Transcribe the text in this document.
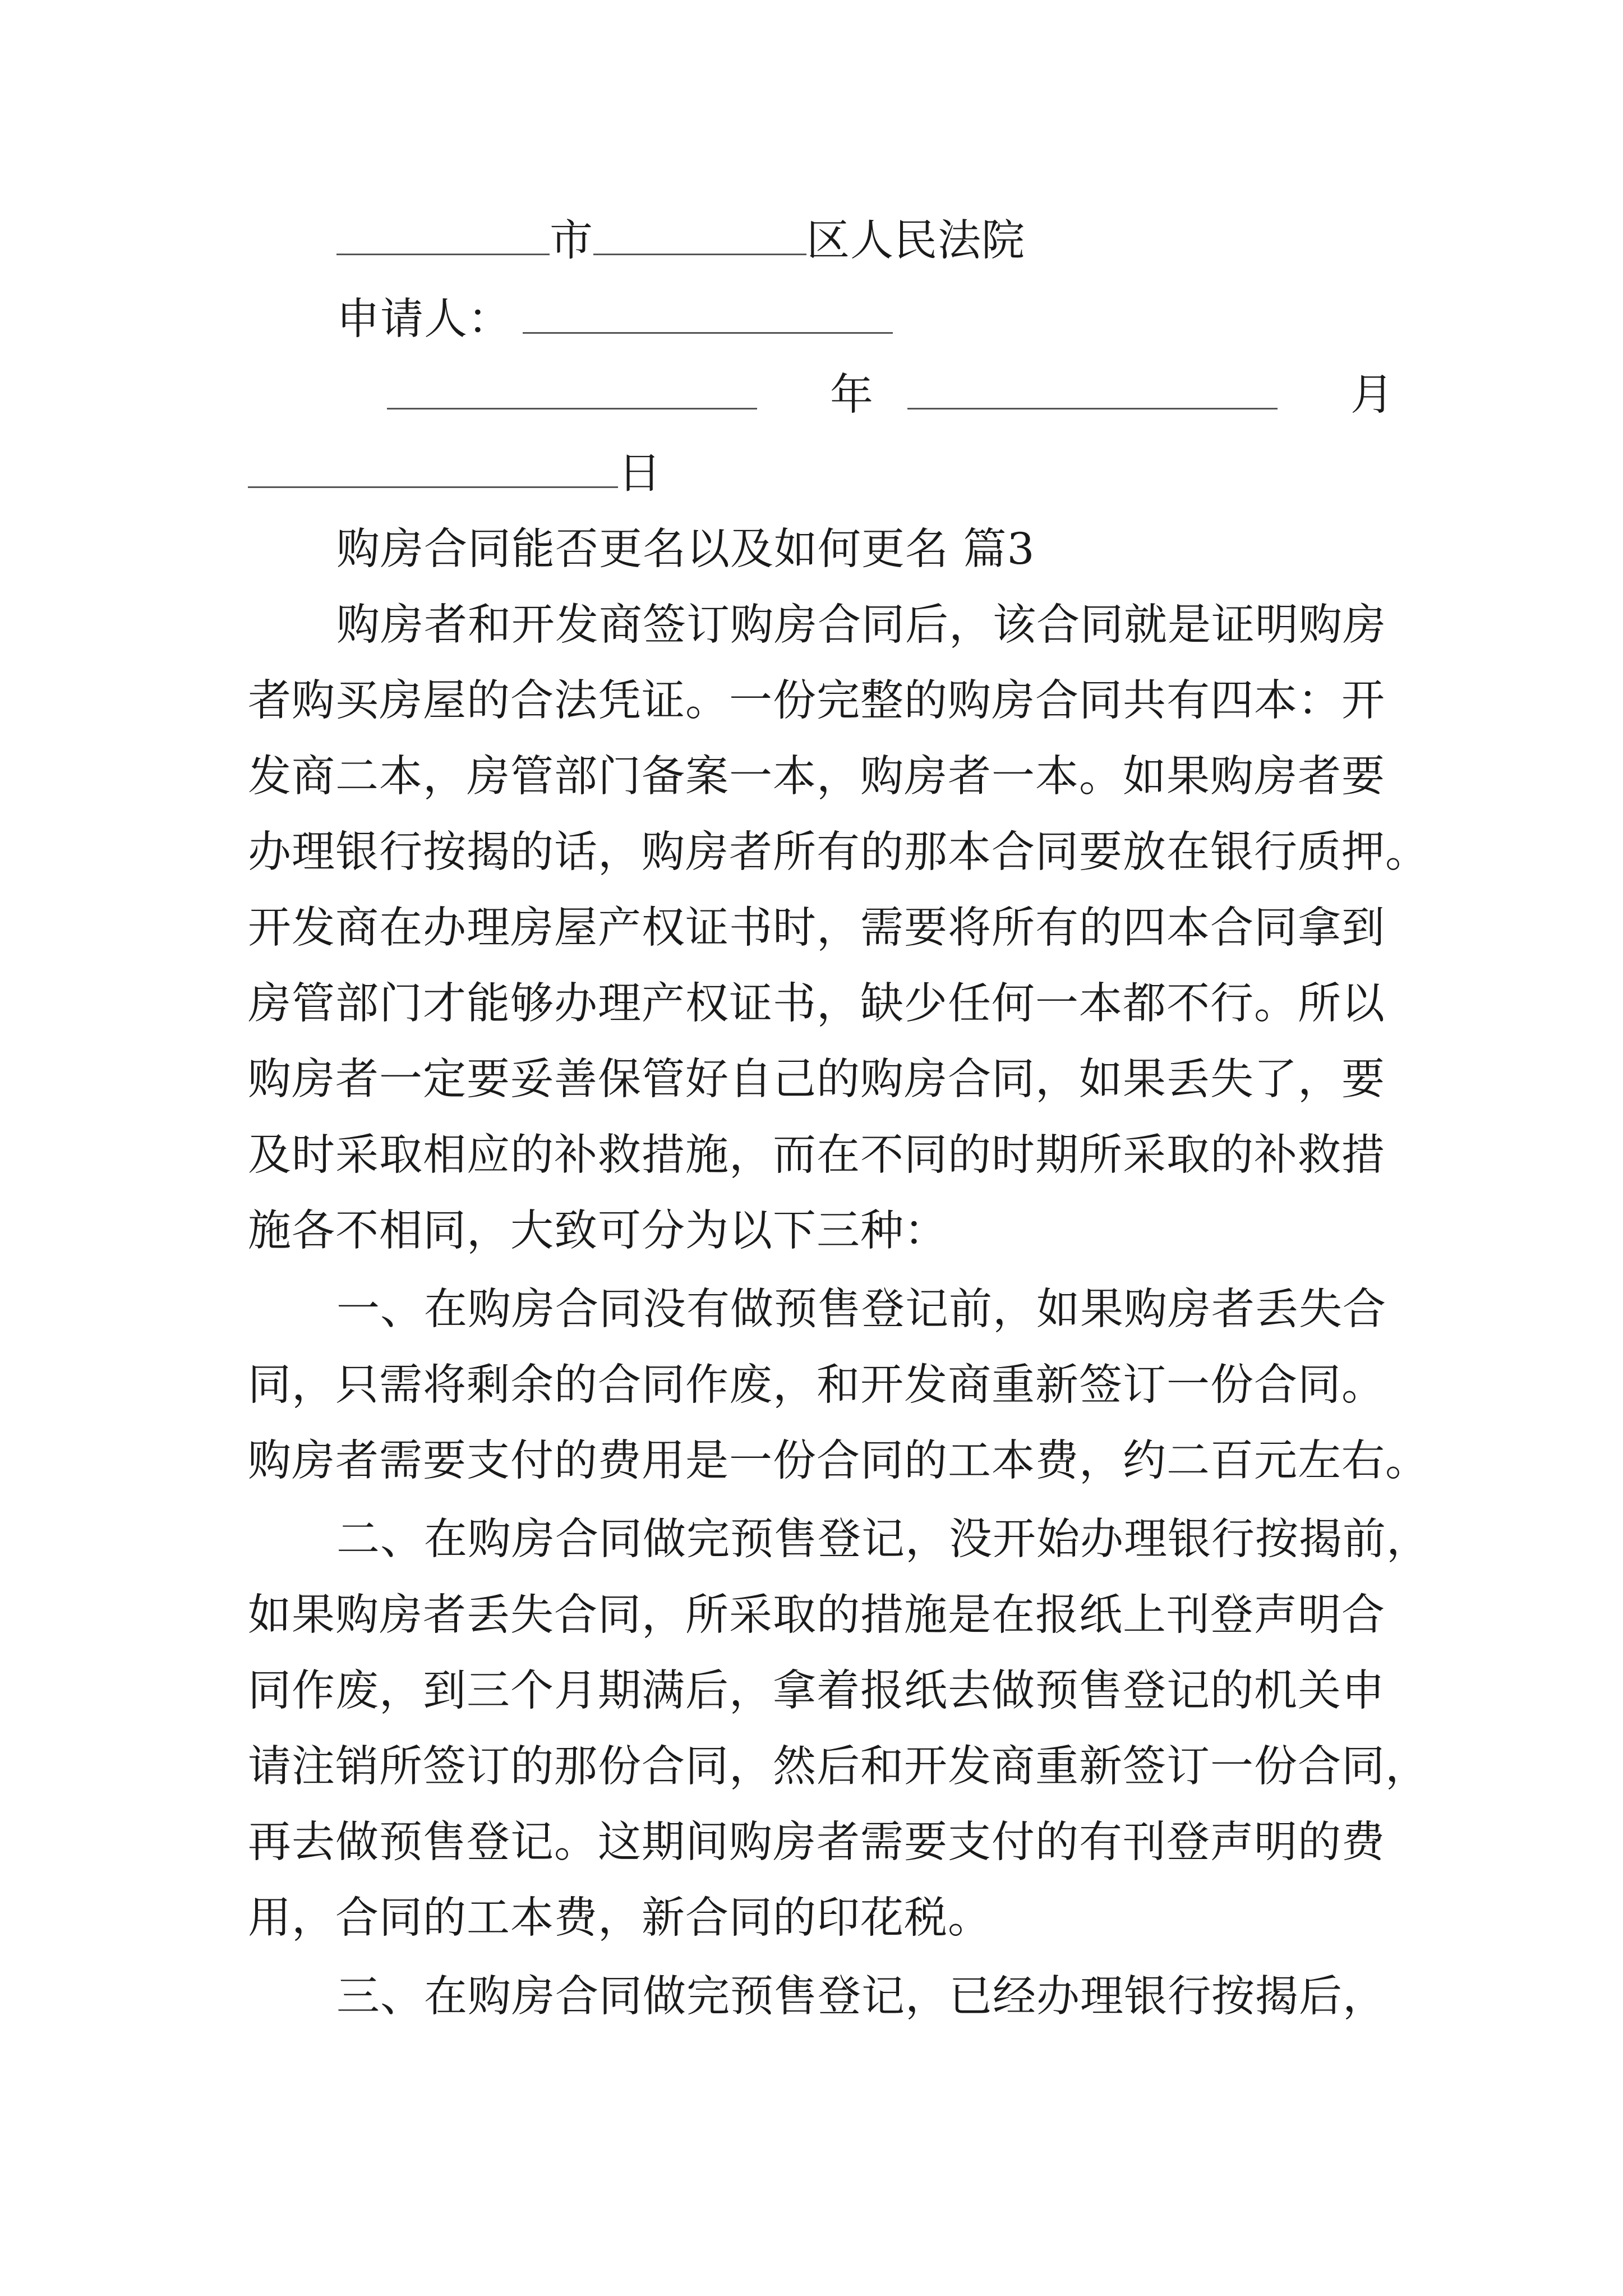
市	区人民法院
申请人：
年	月
日
购房合同能否更名以及如何更名 篇3
购房者和开发商签订购房合同后，该合同就是证明购房
者购买房屋的合法凭证。一份完整的购房合同共有四本：开
发商二本，房管部门备案一本，购房者一本。如果购房者要
办理银行按揭的话，购房者所有的那本合同要放在银行质押。
开发商在办理房屋产权证书时，需要将所有的四本合同拿到
房管部门才能够办理产权证书，缺少任何一本都不行。所以
购房者一定要妥善保管好自己的购房合同，如果丢失了，要
及时采取相应的补救措施，而在不同的时期所采取的补救措
施各不相同，大致可分为以下三种：
一、在购房合同没有做预售登记前，如果购房者丢失合
同，只需将剩余的合同作废，和开发商重新签订一份合同。
购房者需要支付的费用是一份合同的工本费，约二百元左右。
二、在购房合同做完预售登记，没开始办理银行按揭前，
如果购房者丢失合同，所采取的措施是在报纸上刊登声明合
同作废，到三个月期满后，拿着报纸去做预售登记的机关申
请注销所签订的那份合同，然后和开发商重新签订一份合同，
再去做预售登记。这期间购房者需要支付的有刊登声明的费
用，合同的工本费，新合同的印花税。
三、在购房合同做完预售登记，已经办理银行按揭后，
